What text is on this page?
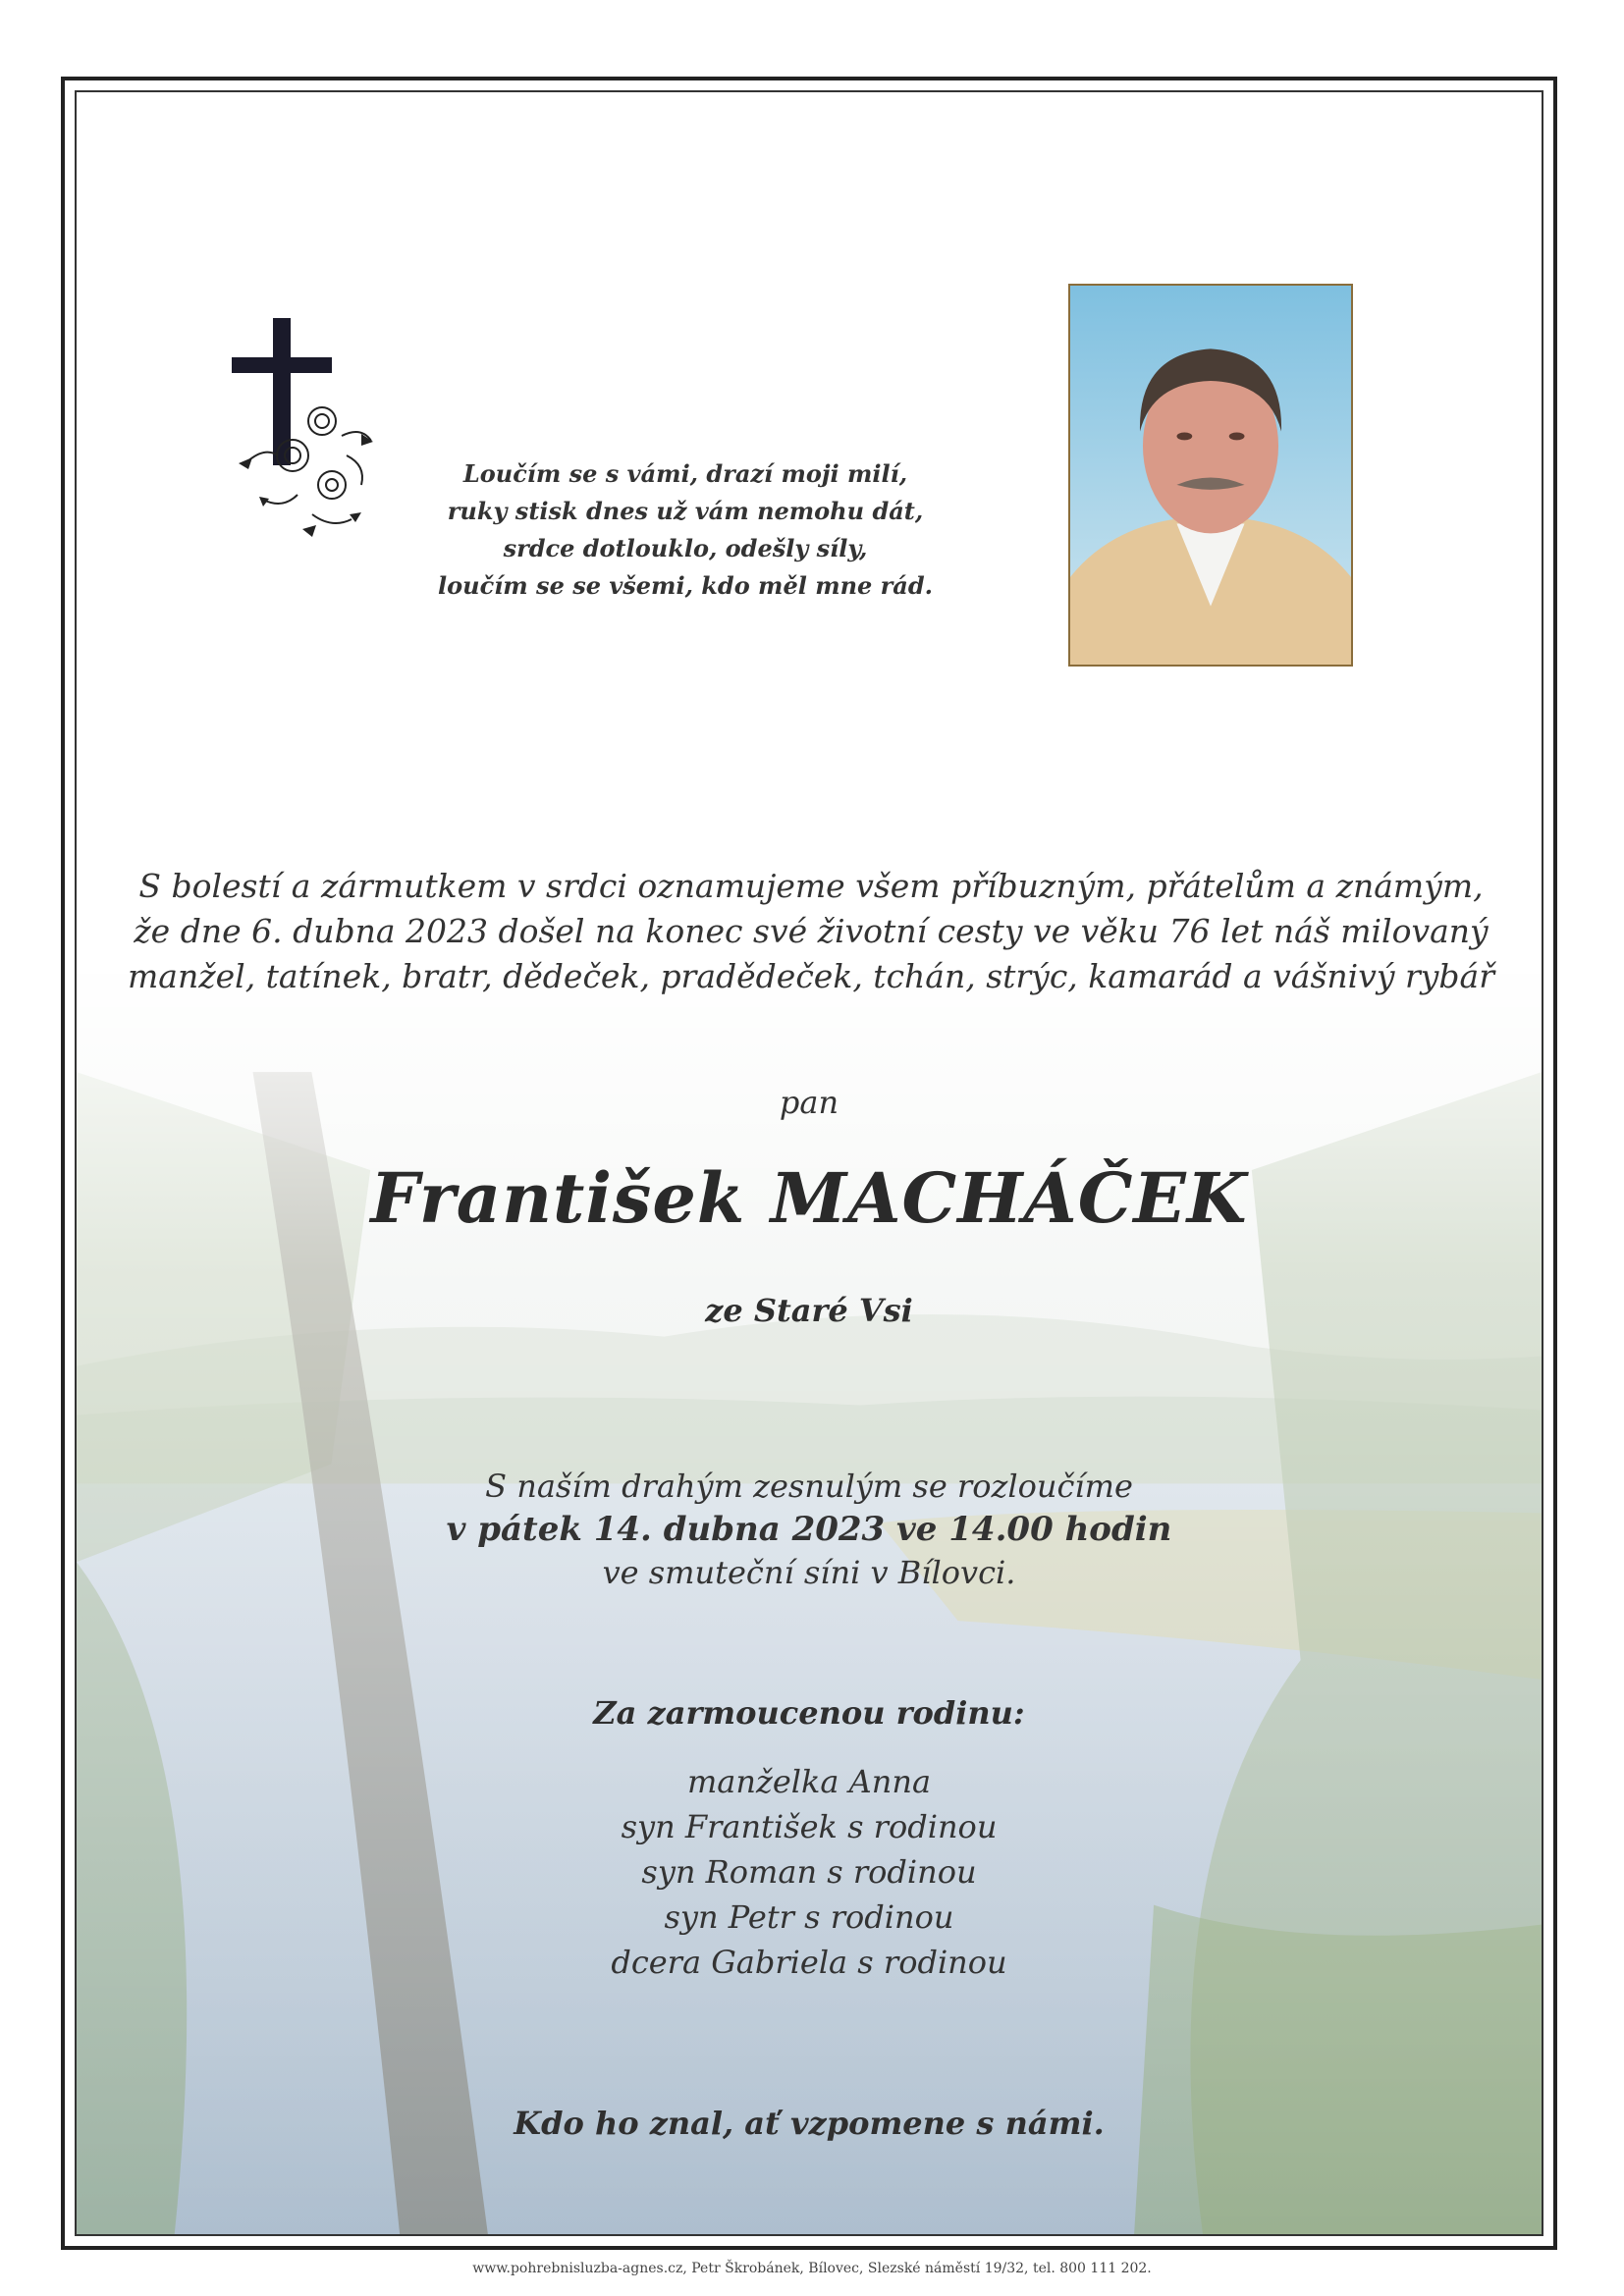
Loučím se s vámi, drazí moji milí,
ruky stisk dnes už vám nemohu dát,
srdce dotlouklo, odešly síly,
loučím se se všemi, kdo měl mne rád.
S bolestí a zármutkem v srdci oznamujeme všem příbuzným, přátelům a známým,
že dne 6. dubna 2023 došel na konec své životní cesty ve věku 76 let náš milovaný
manžel, tatínek, bratr, dědeček, pradědeček, tchán, strýc, kamarád a vášnivý rybář
pan
František MACHÁČEK
ze Staré Vsi
S naším drahým zesnulým se rozloučíme
v pátek 14. dubna 2023 ve 14.00 hodin
ve smuteční síni v Bílovci.
Za zarmoucenou rodinu:
manželka Anna
syn František s rodinou
syn Roman s rodinou
syn Petr s rodinou
dcera Gabriela s rodinou
Kdo ho znal, ať vzpomene s námi.
www.pohrebnisluzba-agnes.cz, Petr Škrobánek, Bílovec, Slezské náměstí 19/32, tel. 800 111 202.
